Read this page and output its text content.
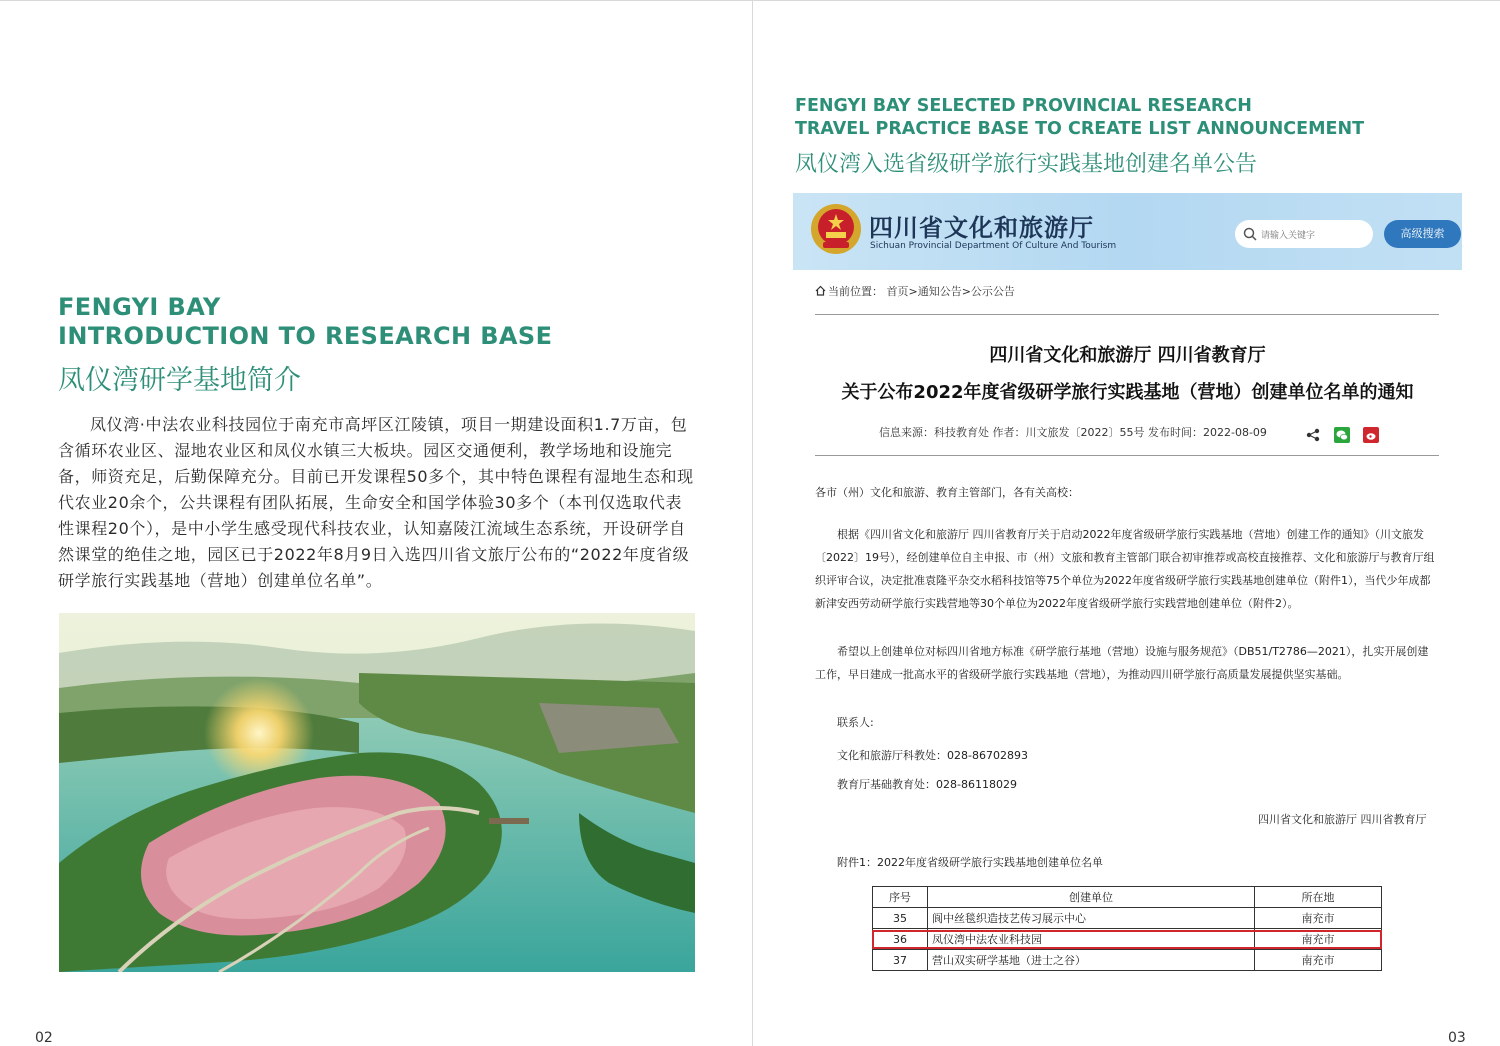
FENGYI BAY
INTRODUCTION TO RESEARCH BASE
凤仪湾研学基地简介

凤仪湾·中法农业科技园位于南充市高坪区江陵镇，项目一期建设面积1.7万亩，包含循环农业区、湿地农业区和凤仪水镇三大板块。园区交通便利，教学场地和设施完备，师资充足，后勤保障充分。目前已开发课程50多个，其中特色课程有湿地生态和现代农业20余个，公共课程有团队拓展，生命安全和国学体验30多个（本刊仅选取代表性课程20个），是中小学生感受现代科技农业，认知嘉陵江流域生态系统，开设研学自然课堂的绝佳之地，园区已于2022年8月9日入选四川省文旅厅公布的“2022年度省级研学旅行实践基地（营地）创建单位名单”。

02
FENGYI BAY SELECTED PROVINCIAL RESEARCH
TRAVEL PRACTICE BASE TO CREATE LIST ANNOUNCEMENT
凤仪湾入选省级研学旅行实践基地创建名单公告
四川省文化和旅游厅
Sichuan Provincial Department Of Culture And Tourism
请输入关键字	高级搜索
当前位置： 首页>通知公告>公示公告
四川省文化和旅游厅 四川省教育厅
关于公布2022年度省级研学旅行实践基地（营地）创建单位名单的通知
信息来源：科技教育处 作者：川文旅发〔2022〕55号 发布时间：2022-08-09

各市（州）文化和旅游、教育主管部门，各有关高校：

根据《四川省文化和旅游厅 四川省教育厅关于启动2022年度省级研学旅行实践基地（营地）创建工作的通知》（川文旅发〔2022〕19号），经创建单位自主申报、市（州）文旅和教育主管部门联合初审推荐或高校直接推荐、文化和旅游厅与教育厅组织评审合议，决定批准袁隆平杂交水稻科技馆等75个单位为2022年度省级研学旅行实践基地创建单位（附件1），当代少年成都新津安西劳动研学旅行实践营地等30个单位为2022年度省级研学旅行实践营地创建单位（附件2）。

希望以上创建单位对标四川省地方标准《研学旅行基地（营地）设施与服务规范》（DB51/T2786—2021），扎实开展创建工作，早日建成一批高水平的省级研学旅行实践基地（营地），为推动四川研学旅行高质量发展提供坚实基础。

联系人:

文化和旅游厅科教处：028-86702893

教育厅基础教育处：028-86118029

四川省文化和旅游厅 四川省教育厅

附件1：2022年度省级研学旅行实践基地创建单位名单

序号	创建单位	所在地
35	阆中丝毯织造技艺传习展示中心	南充市
36	凤仪湾中法农业科技园	南充市
37	营山双实研学基地（进士之谷）	南充市
03
